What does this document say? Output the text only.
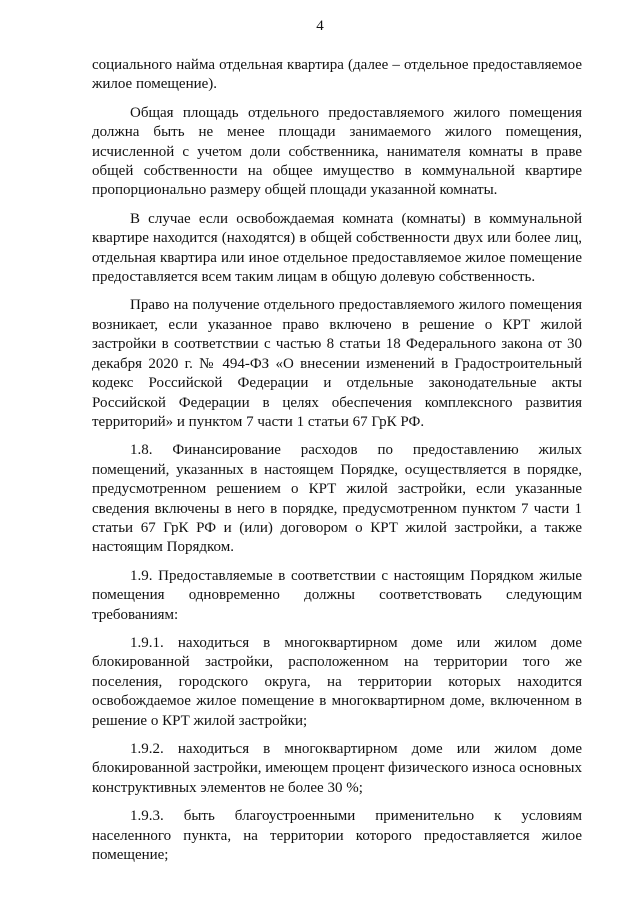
4

социального найма отдельная квартира (далее – отдельное предоставляемое жилое помещение).

Общая площадь отдельного предоставляемого жилого помещения должна быть не менее площади занимаемого жилого помещения, исчисленной с учетом доли собственника, нанимателя комнаты в праве общей собственности на общее имущество в коммунальной квартире пропорционально размеру общей площади указанной комнаты.

В случае если освобождаемая комната (комнаты) в коммунальной квартире находится (находятся) в общей собственности двух или более лиц, отдельная квартира или иное отдельное предоставляемое жилое помещение предоставляется всем таким лицам в общую долевую собственность.

Право на получение отдельного предоставляемого жилого помещения возникает, если указанное право включено в решение о КРТ жилой застройки в соответствии с частью 8 статьи 18 Федерального закона от 30 декабря 2020 г. № 494-ФЗ «О внесении изменений в Градостроительный кодекс Российской Федерации и отдельные законодательные акты Российской Федерации в целях обеспечения комплексного развития территорий» и пунктом 7 части 1 статьи 67 ГрК РФ.

1.8. Финансирование расходов по предоставлению жилых помещений, указанных в настоящем Порядке, осуществляется в порядке, предусмотренном решением о КРТ жилой застройки, если указанные сведения включены в него в порядке, предусмотренном пунктом 7 части 1 статьи 67 ГрК РФ и (или) договором о КРТ жилой застройки, а также настоящим Порядком.

1.9. Предоставляемые в соответствии с настоящим Порядком жилые помещения одновременно должны соответствовать следующим требованиям:

1.9.1. находиться в многоквартирном доме или жилом доме блокированной застройки, расположенном на территории того же поселения, городского округа, на территории которых находится освобождаемое жилое помещение в многоквартирном доме, включенном в решение о КРТ жилой застройки;

1.9.2. находиться в многоквартирном доме или жилом доме блокированной застройки, имеющем процент физического износа основных конструктивных элементов не более 30 %;

1.9.3. быть благоустроенными применительно к условиям населенного пункта, на территории которого предоставляется жилое помещение;
